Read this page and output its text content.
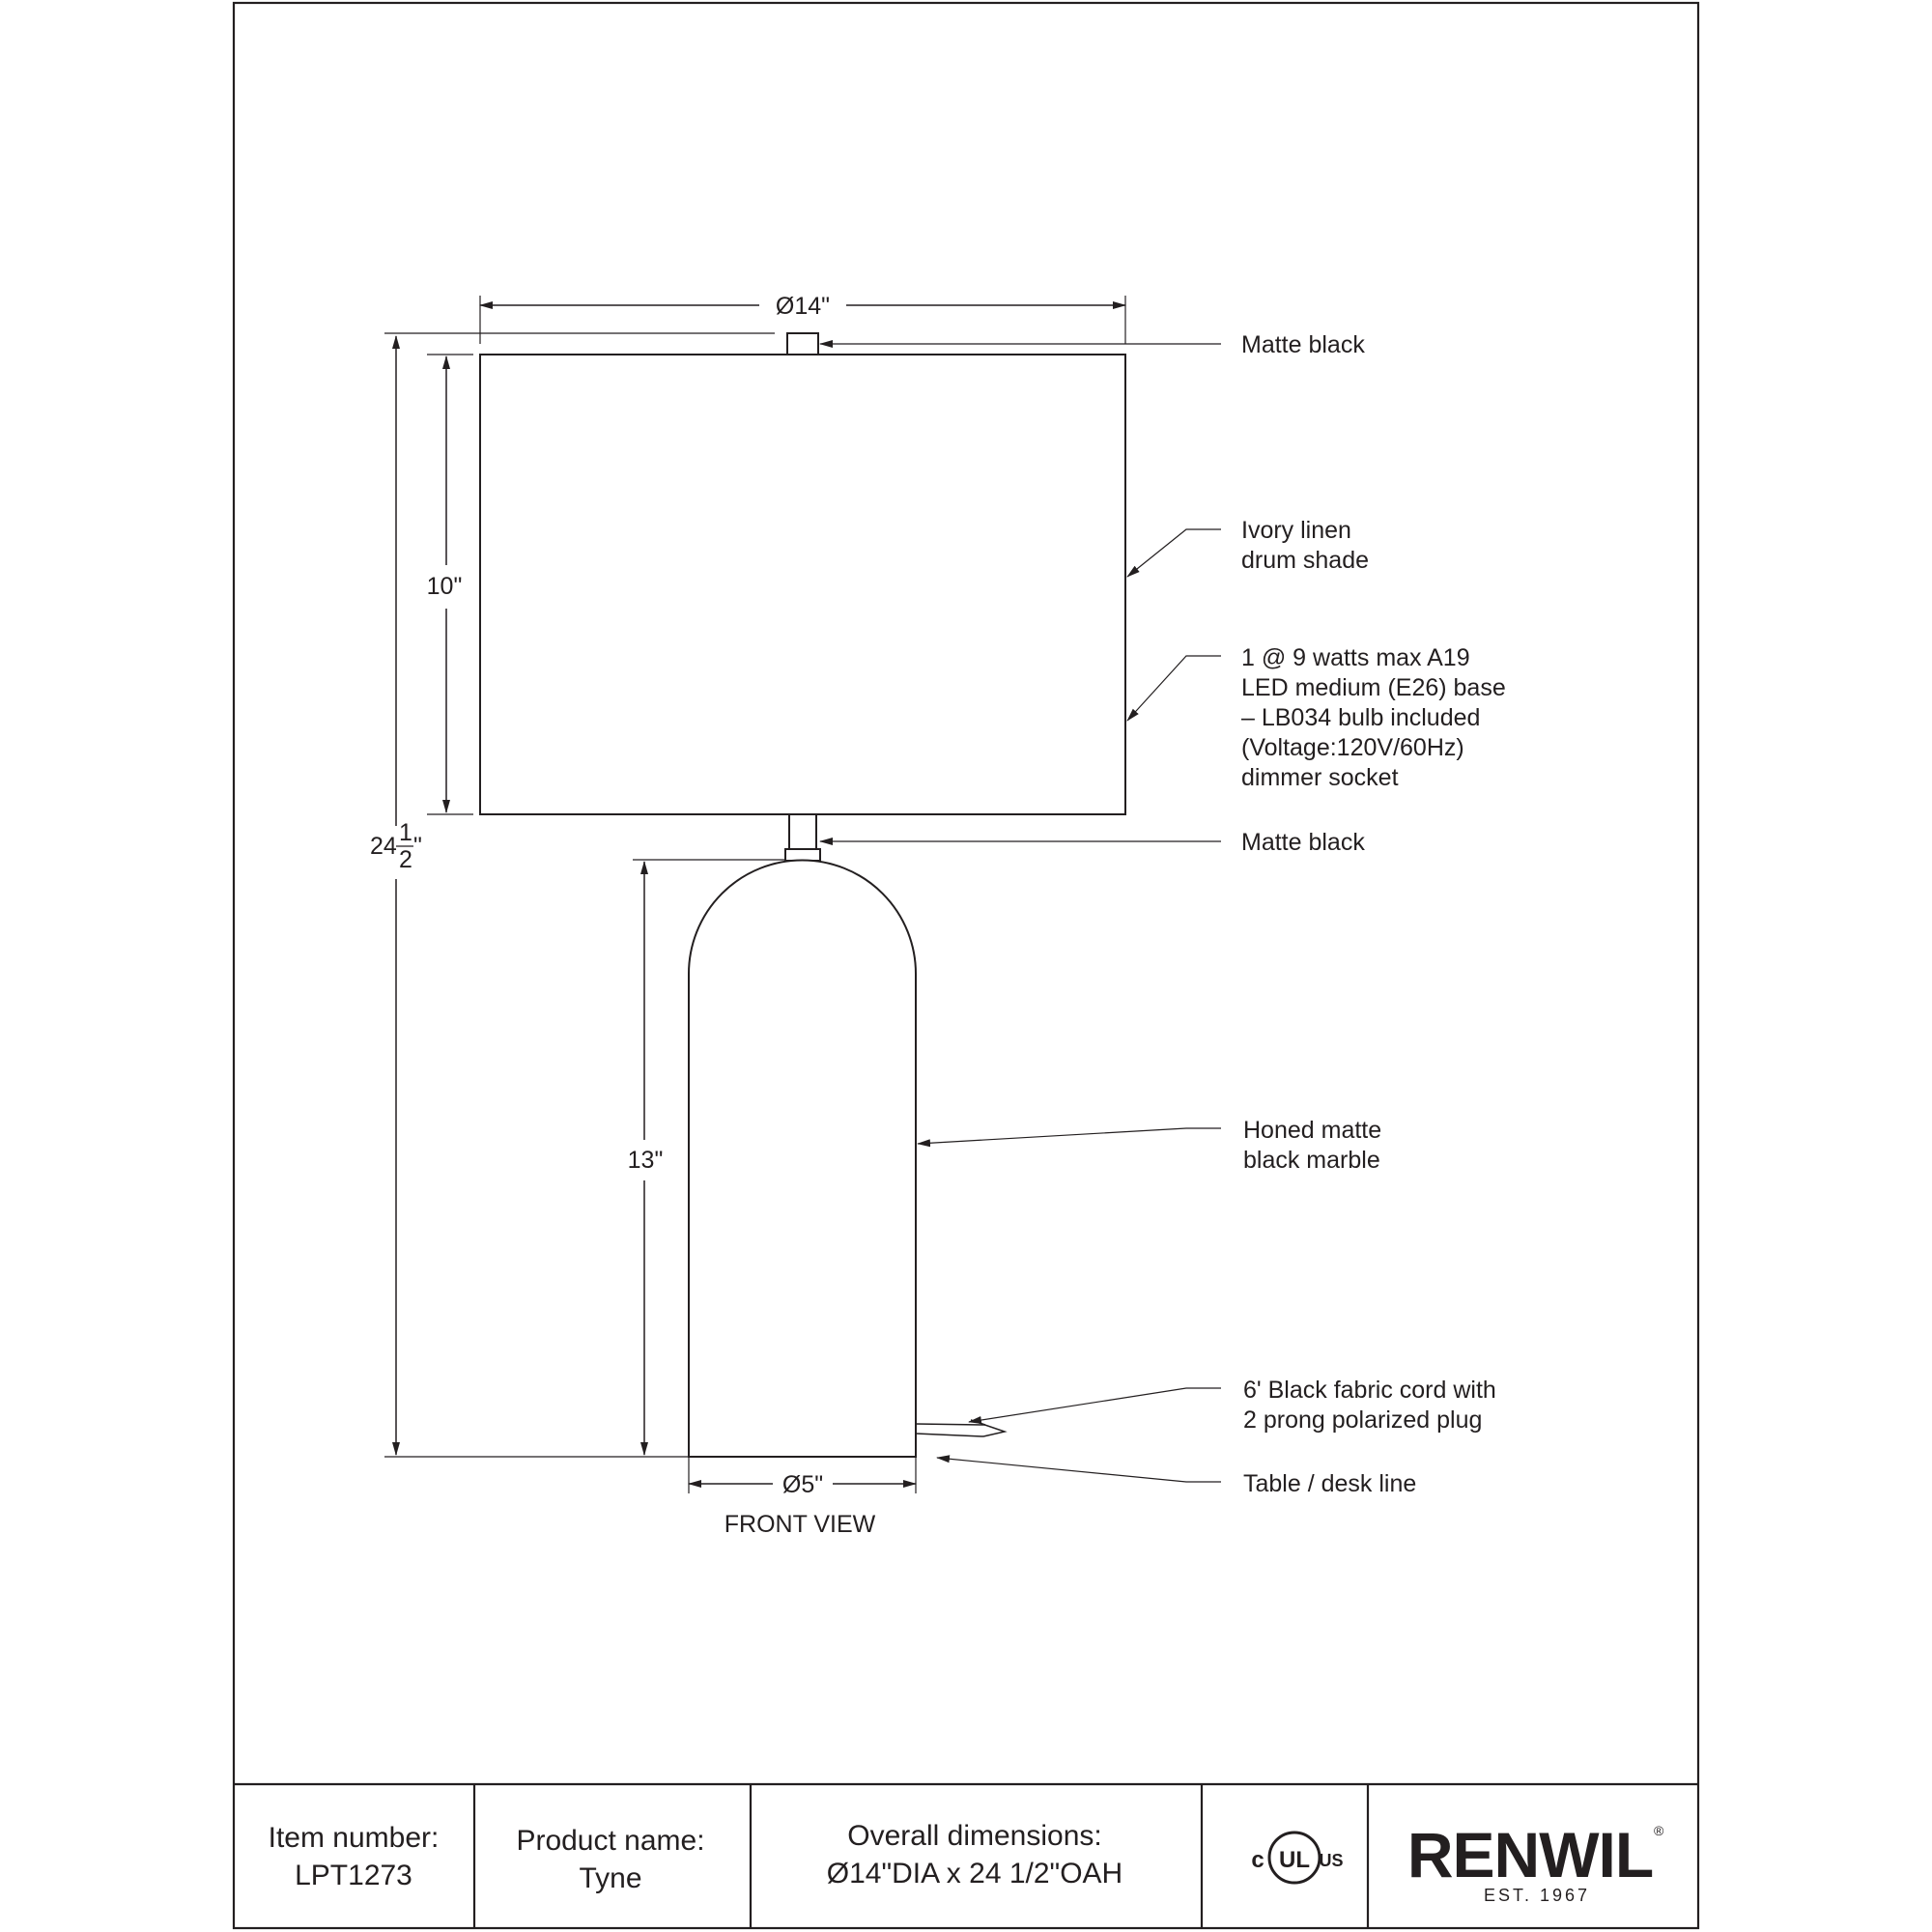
Ø14"
24 1
2 "
10"
13"
Ø5"
FRONT VIEW
Matte black
Ivory linen
drum shade
1 @ 9 watts max A19
LED medium (E26) base
– LB034 bulb included
(Voltage:120V/60Hz)
dimmer socket
Matte black
Honed matte
black marble
6' Black fabric cord with
2 prong polarized plug
Table / desk line
Item number:
LPT1273
Product name:
Tyne
Overall dimensions:
Ø14"DIA x 24 1/2"OAH	c UL US RENWIL ®
EST. 1967
